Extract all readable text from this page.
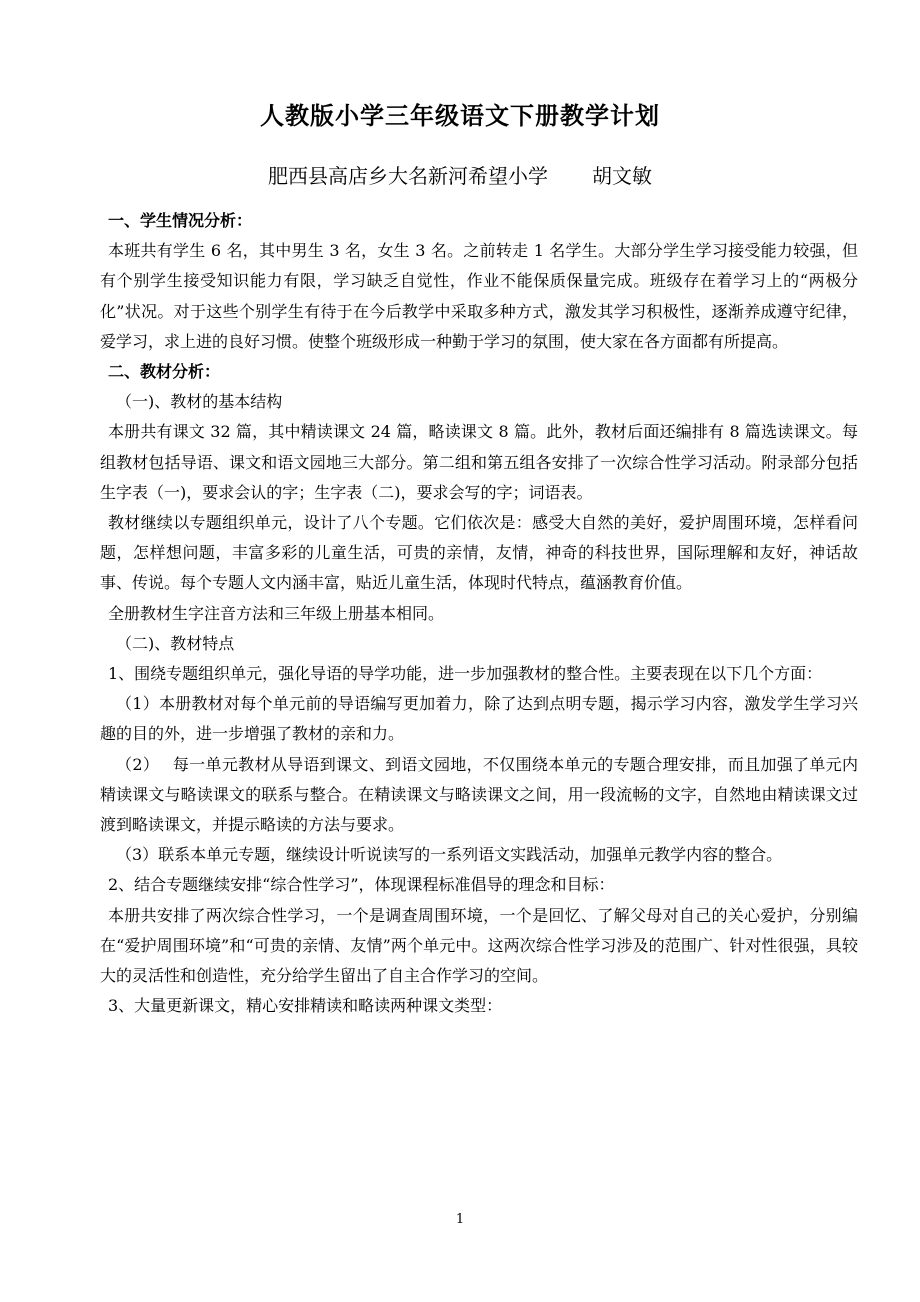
人教版小学三年级语文下册教学计划
肥西县高店乡大名新河希望小学 胡文敏

一、学生情况分析：

本班共有学生 6 名，其中男生 3 名，女生 3 名。之前转走 1 名学生。大部分学生学习接受能力较强，但有个别学生接受知识能力有限，学习缺乏自觉性，作业不能保质保量完成。班级存在着学习上的“两极分化”状况。对于这些个别学生有待于在今后教学中采取多种方式，激发其学习积极性，逐渐养成遵守纪律，爱学习，求上进的良好习惯。使整个班级形成一种勤于学习的氛围，使大家在各方面都有所提高。

二、教材分析：

（一)、教材的基本结构

本册共有课文 32 篇，其中精读课文 24 篇，略读课文 8 篇。此外，教材后面还编排有 8 篇选读课文。每组教材包括导语、课文和语文园地三大部分。第二组和第五组各安排了一次综合性学习活动。附录部分包括生字表（一)，要求会认的字；生字表（二)，要求会写的字；词语表。

教材继续以专题组织单元，设计了八个专题。它们依次是：感受大自然的美好，爱护周围环境，怎样看问题，怎样想问题，丰富多彩的儿童生活，可贵的亲情，友情，神奇的科技世界，国际理解和友好，神话故事、传说。每个专题人文内涵丰富，贴近儿童生活，体现时代特点，蕴涵教育价值。

全册教材生字注音方法和三年级上册基本相同。

（二)、教材特点

1、围绕专题组织单元，强化导语的导学功能，进一步加强教材的整合性。主要表现在以下几个方面：

（1）本册教材对每个单元前的导语编写更加着力，除了达到点明专题，揭示学习内容，激发学生学习兴趣的目的外，进一步增强了教材的亲和力。

（2）　 每一单元教材从导语到课文、到语文园地，不仅围绕本单元的专题合理安排，而且加强了单元内精读课文与略读课文的联系与整合。在精读课文与略读课文之间，用一段流畅的文字，自然地由精读课文过渡到略读课文，并提示略读的方法与要求。

（3）联系本单元专题，继续设计听说读写的一系列语文实践活动，加强单元教学内容的整合。

2、结合专题继续安排“综合性学习”，体现课程标准倡导的理念和目标：

本册共安排了两次综合性学习，一个是调查周围环境，一个是回忆、了解父母对自己的关心爱护，分别编在“爱护周围环境”和“可贵的亲情、友情”两个单元中。这两次综合性学习涉及的范围广、针对性很强，具较大的灵活性和创造性，充分给学生留出了自主合作学习的空间。

3、大量更新课文，精心安排精读和略读两种课文类型：

1
